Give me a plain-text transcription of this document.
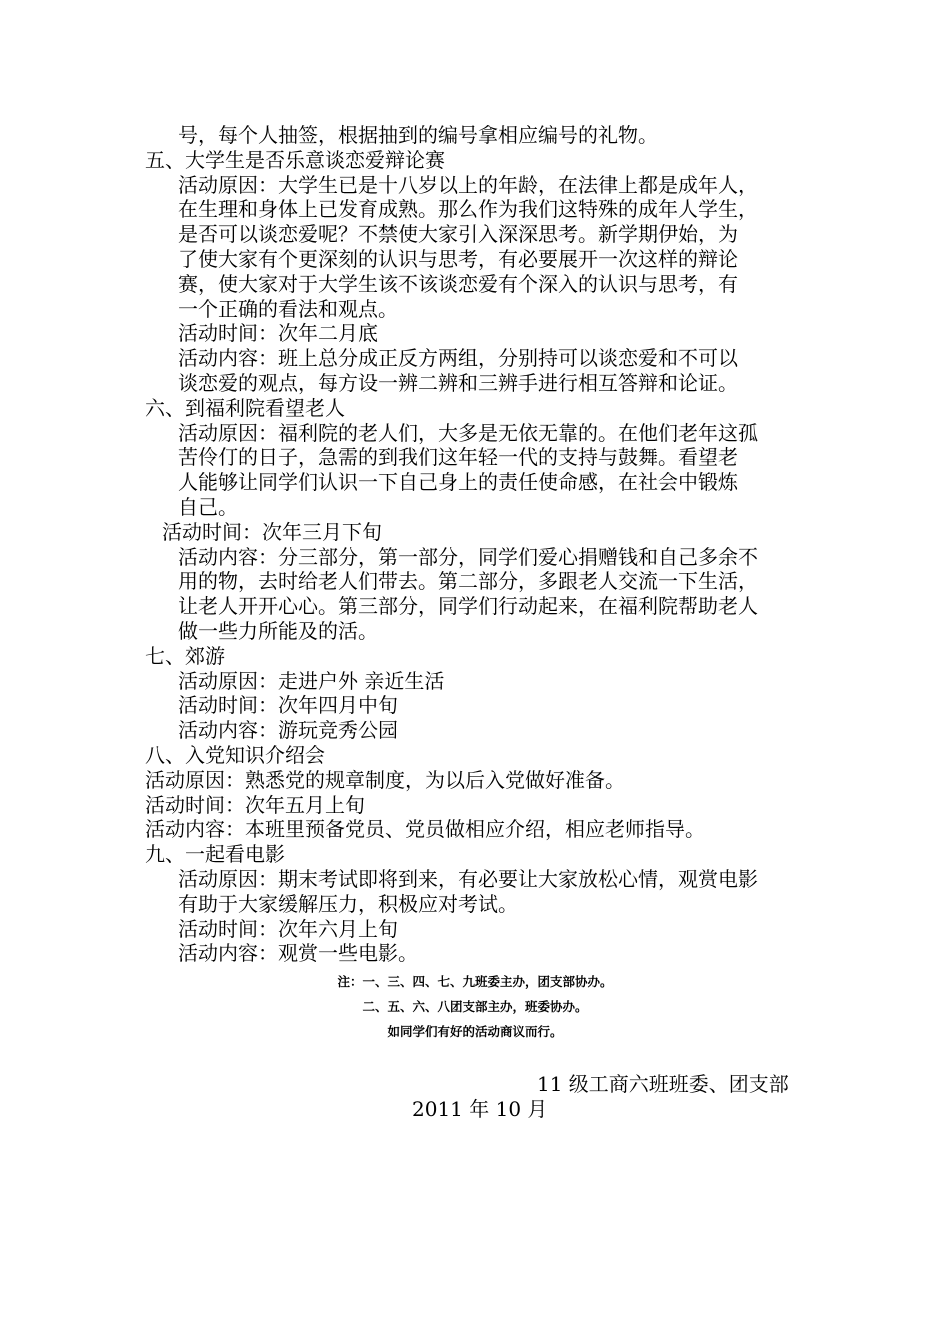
号，每个人抽签，根据抽到的编号拿相应编号的礼物。
五、大学生是否乐意谈恋爱辩论赛
活动原因：大学生已是十八岁以上的年龄，在法律上都是成年人，
在生理和身体上已发育成熟。那么作为我们这特殊的成年人学生，
是否可以谈恋爱呢？不禁使大家引入深深思考。新学期伊始，为
了使大家有个更深刻的认识与思考，有必要展开一次这样的辩论
赛，使大家对于大学生该不该谈恋爱有个深入的认识与思考，有
一个正确的看法和观点。
活动时间：次年二月底
活动内容：班上总分成正反方两组，分别持可以谈恋爱和不可以
谈恋爱的观点，每方设一辨二辨和三辨手进行相互答辩和论证。
六、到福利院看望老人
活动原因：福利院的老人们，大多是无依无靠的。在他们老年这孤
苦伶仃的日子，急需的到我们这年轻一代的支持与鼓舞。看望老
人能够让同学们认识一下自己身上的责任使命感，在社会中锻炼
自己。
活动时间：次年三月下旬
活动内容：分三部分，第一部分，同学们爱心捐赠钱和自己多余不
用的物，去时给老人们带去。第二部分，多跟老人交流一下生活，
让老人开开心心。第三部分，同学们行动起来，在福利院帮助老人
做一些力所能及的活。
七、郊游
活动原因：走进户外 亲近生活
活动时间：次年四月中旬
活动内容：游玩竞秀公园
八、入党知识介绍会
活动原因：熟悉党的规章制度，为以后入党做好准备。
活动时间：次年五月上旬
活动内容：本班里预备党员、党员做相应介绍，相应老师指导。
九、一起看电影
活动原因：期末考试即将到来，有必要让大家放松心情，观赏电影
有助于大家缓解压力，积极应对考试。
活动时间：次年六月上旬
活动内容：观赏一些电影。
注：一、三、四、七、九班委主办，团支部协办。
二、五、六、八团支部主办，班委协办。
如同学们有好的活动商议而行。
11 级工商六班班委、团支部
2011 年 10 月
